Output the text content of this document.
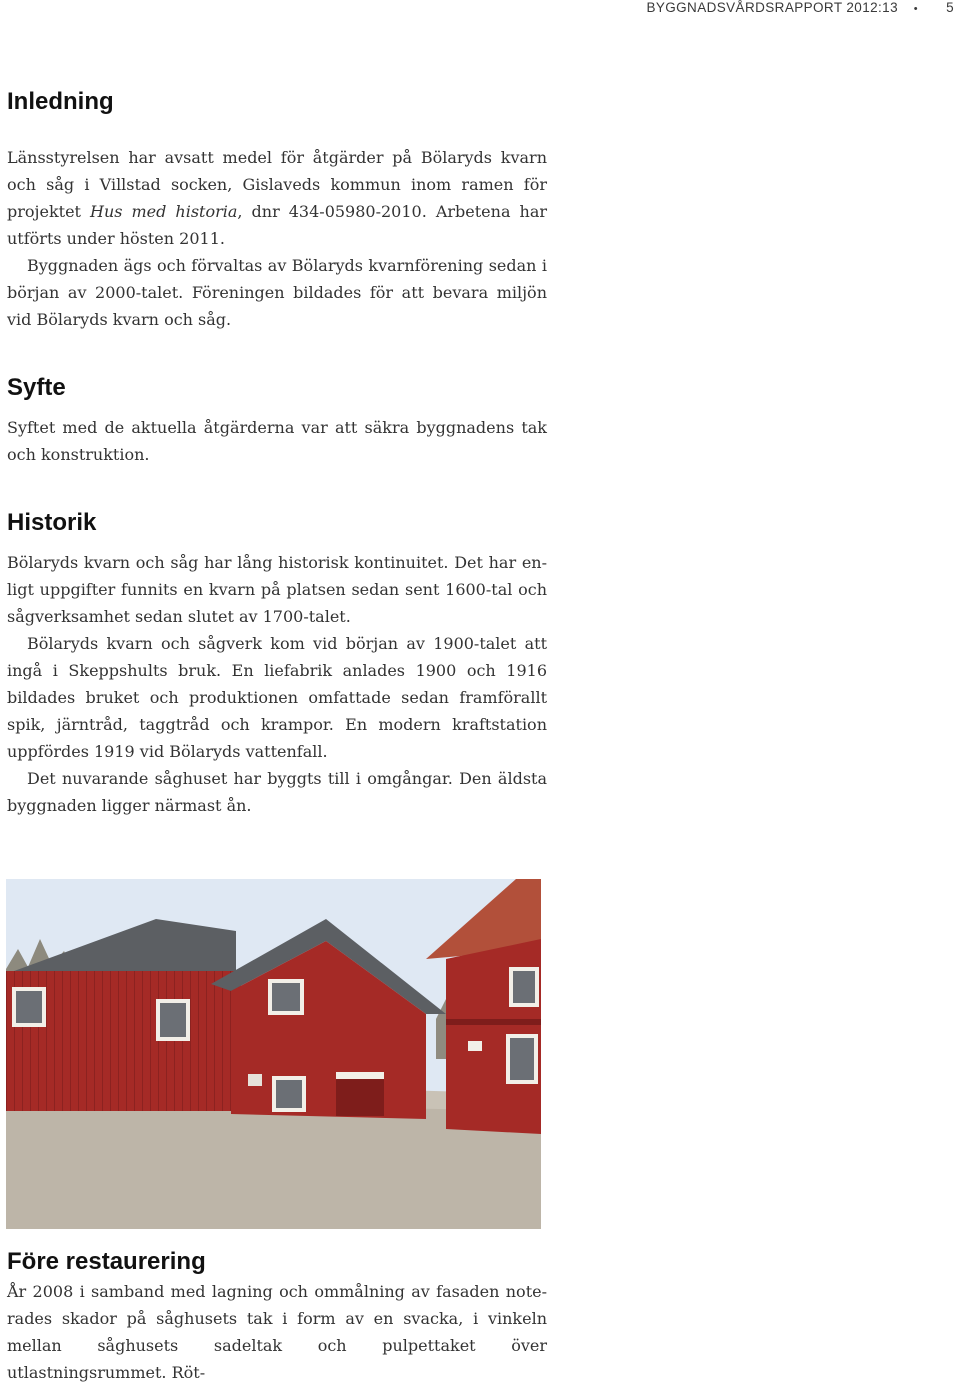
BYGGNADSVÅRDSRAPPORT 2012:13 • 5
Inledning

Länsstyrelsen har avsatt medel för åtgärder på Bölaryds kvarn och såg i Villstad socken, Gislaveds kommun inom ramen för projektet Hus med historia, dnr 434-05980-2010. Arbetena har utförts under hösten 2011.

Byggnaden ägs och förvaltas av Bölaryds kvarnförening sedan i början av 2000-talet. Föreningen bildades för att bevara miljön vid Bölaryds kvarn och såg.

Syfte

Syftet med de aktuella åtgärderna var att säkra byggnadens tak och konstruktion.

Historik

Bölaryds kvarn och såg har lång historisk kontinuitet. Det har enligt uppgifter funnits en kvarn på platsen sedan sent 1600-tal och sågverksamhet sedan slutet av 1700-talet.

Bölaryds kvarn och sågverk kom vid början av 1900-talet att ingå i Skeppshults bruk. En liefabrik anlades 1900 och 1916 bildades bruket och produktionen omfattade sedan framförallt spik, järntråd, taggtråd och krampor. En modern kraftstation uppfördes 1919 vid Bölaryds vattenfall.

Det nuvarande såghuset har byggts till i omgångar. Den äldsta byggnaden ligger närmast ån.

Före restaurering

År 2008 i samband med lagning och ommålning av fasaden noterades skador på såghusets tak i form av en svacka, i vinkeln mellan såghusets sadeltak och pulpettaket över utlastningsrummet. Röt-
